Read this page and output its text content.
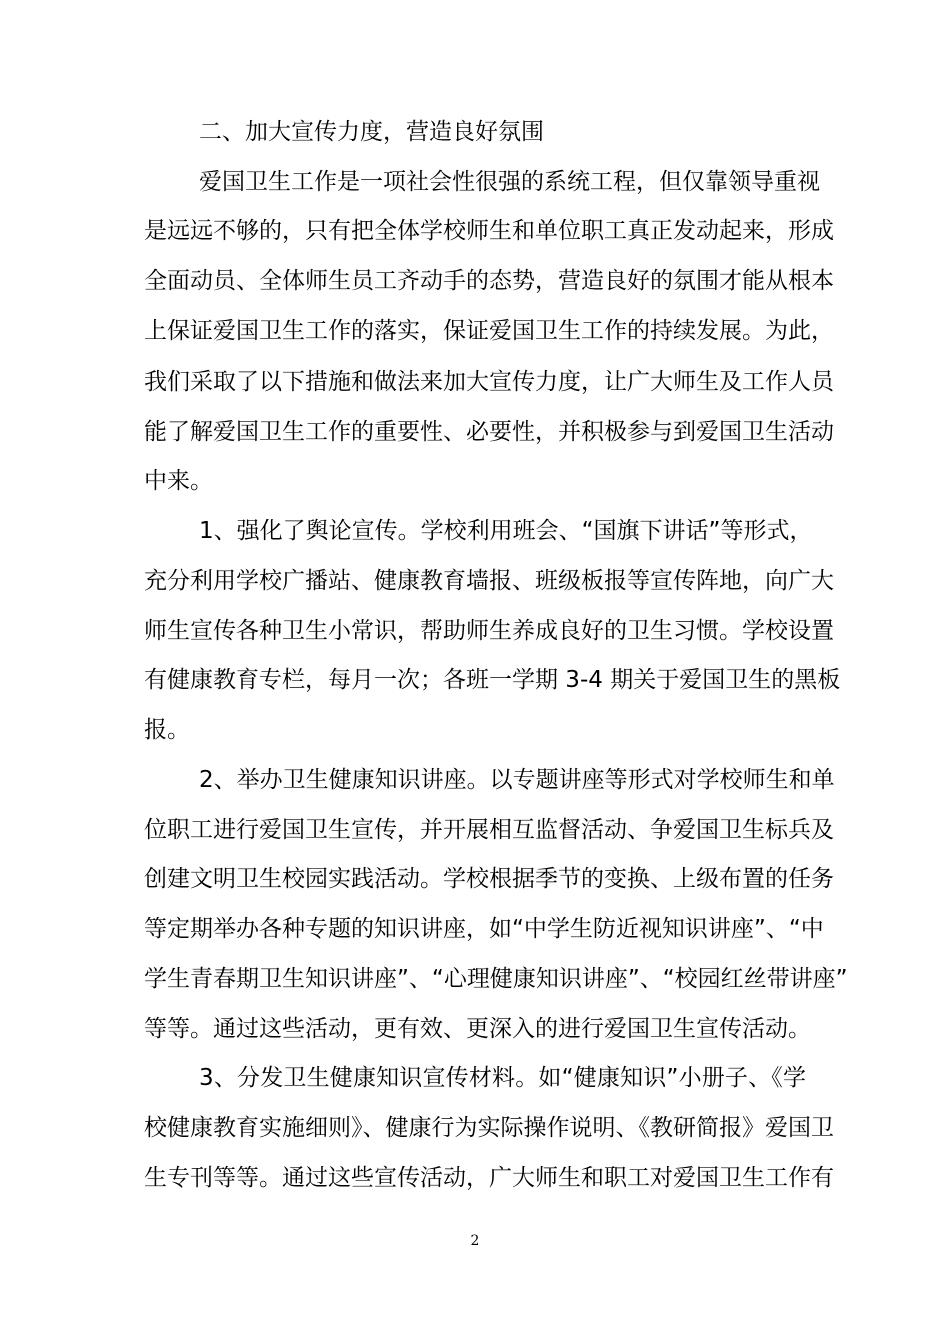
二、加大宣传力度，营造良好氛围
爱国卫生工作是一项社会性很强的系统工程，但仅靠领导重视
是远远不够的，只有把全体学校师生和单位职工真正发动起来，形成
全面动员、全体师生员工齐动手的态势，营造良好的氛围才能从根本
上保证爱国卫生工作的落实，保证爱国卫生工作的持续发展。为此，
我们采取了以下措施和做法来加大宣传力度，让广大师生及工作人员
能了解爱国卫生工作的重要性、必要性，并积极参与到爱国卫生活动
中来。
1、强化了舆论宣传。学校利用班会、“国旗下讲话”等形式，
充分利用学校广播站、健康教育墙报、班级板报等宣传阵地，向广大
师生宣传各种卫生小常识，帮助师生养成良好的卫生习惯。学校设置
有健康教育专栏，每月一次；各班一学期 3-4 期关于爱国卫生的黑板
报。
2、举办卫生健康知识讲座。以专题讲座等形式对学校师生和单
位职工进行爱国卫生宣传，并开展相互监督活动、争爱国卫生标兵及
创建文明卫生校园实践活动。学校根据季节的变换、上级布置的任务
等定期举办各种专题的知识讲座，如“中学生防近视知识讲座”、“中
学生青春期卫生知识讲座”、“心理健康知识讲座”、“校园红丝带讲座”
等等。通过这些活动，更有效、更深入的进行爱国卫生宣传活动。
3、分发卫生健康知识宣传材料。如“健康知识”小册子、《学
校健康教育实施细则》、健康行为实际操作说明、《教研简报》爱国卫
生专刊等等。通过这些宣传活动，广大师生和职工对爱国卫生工作有
2
